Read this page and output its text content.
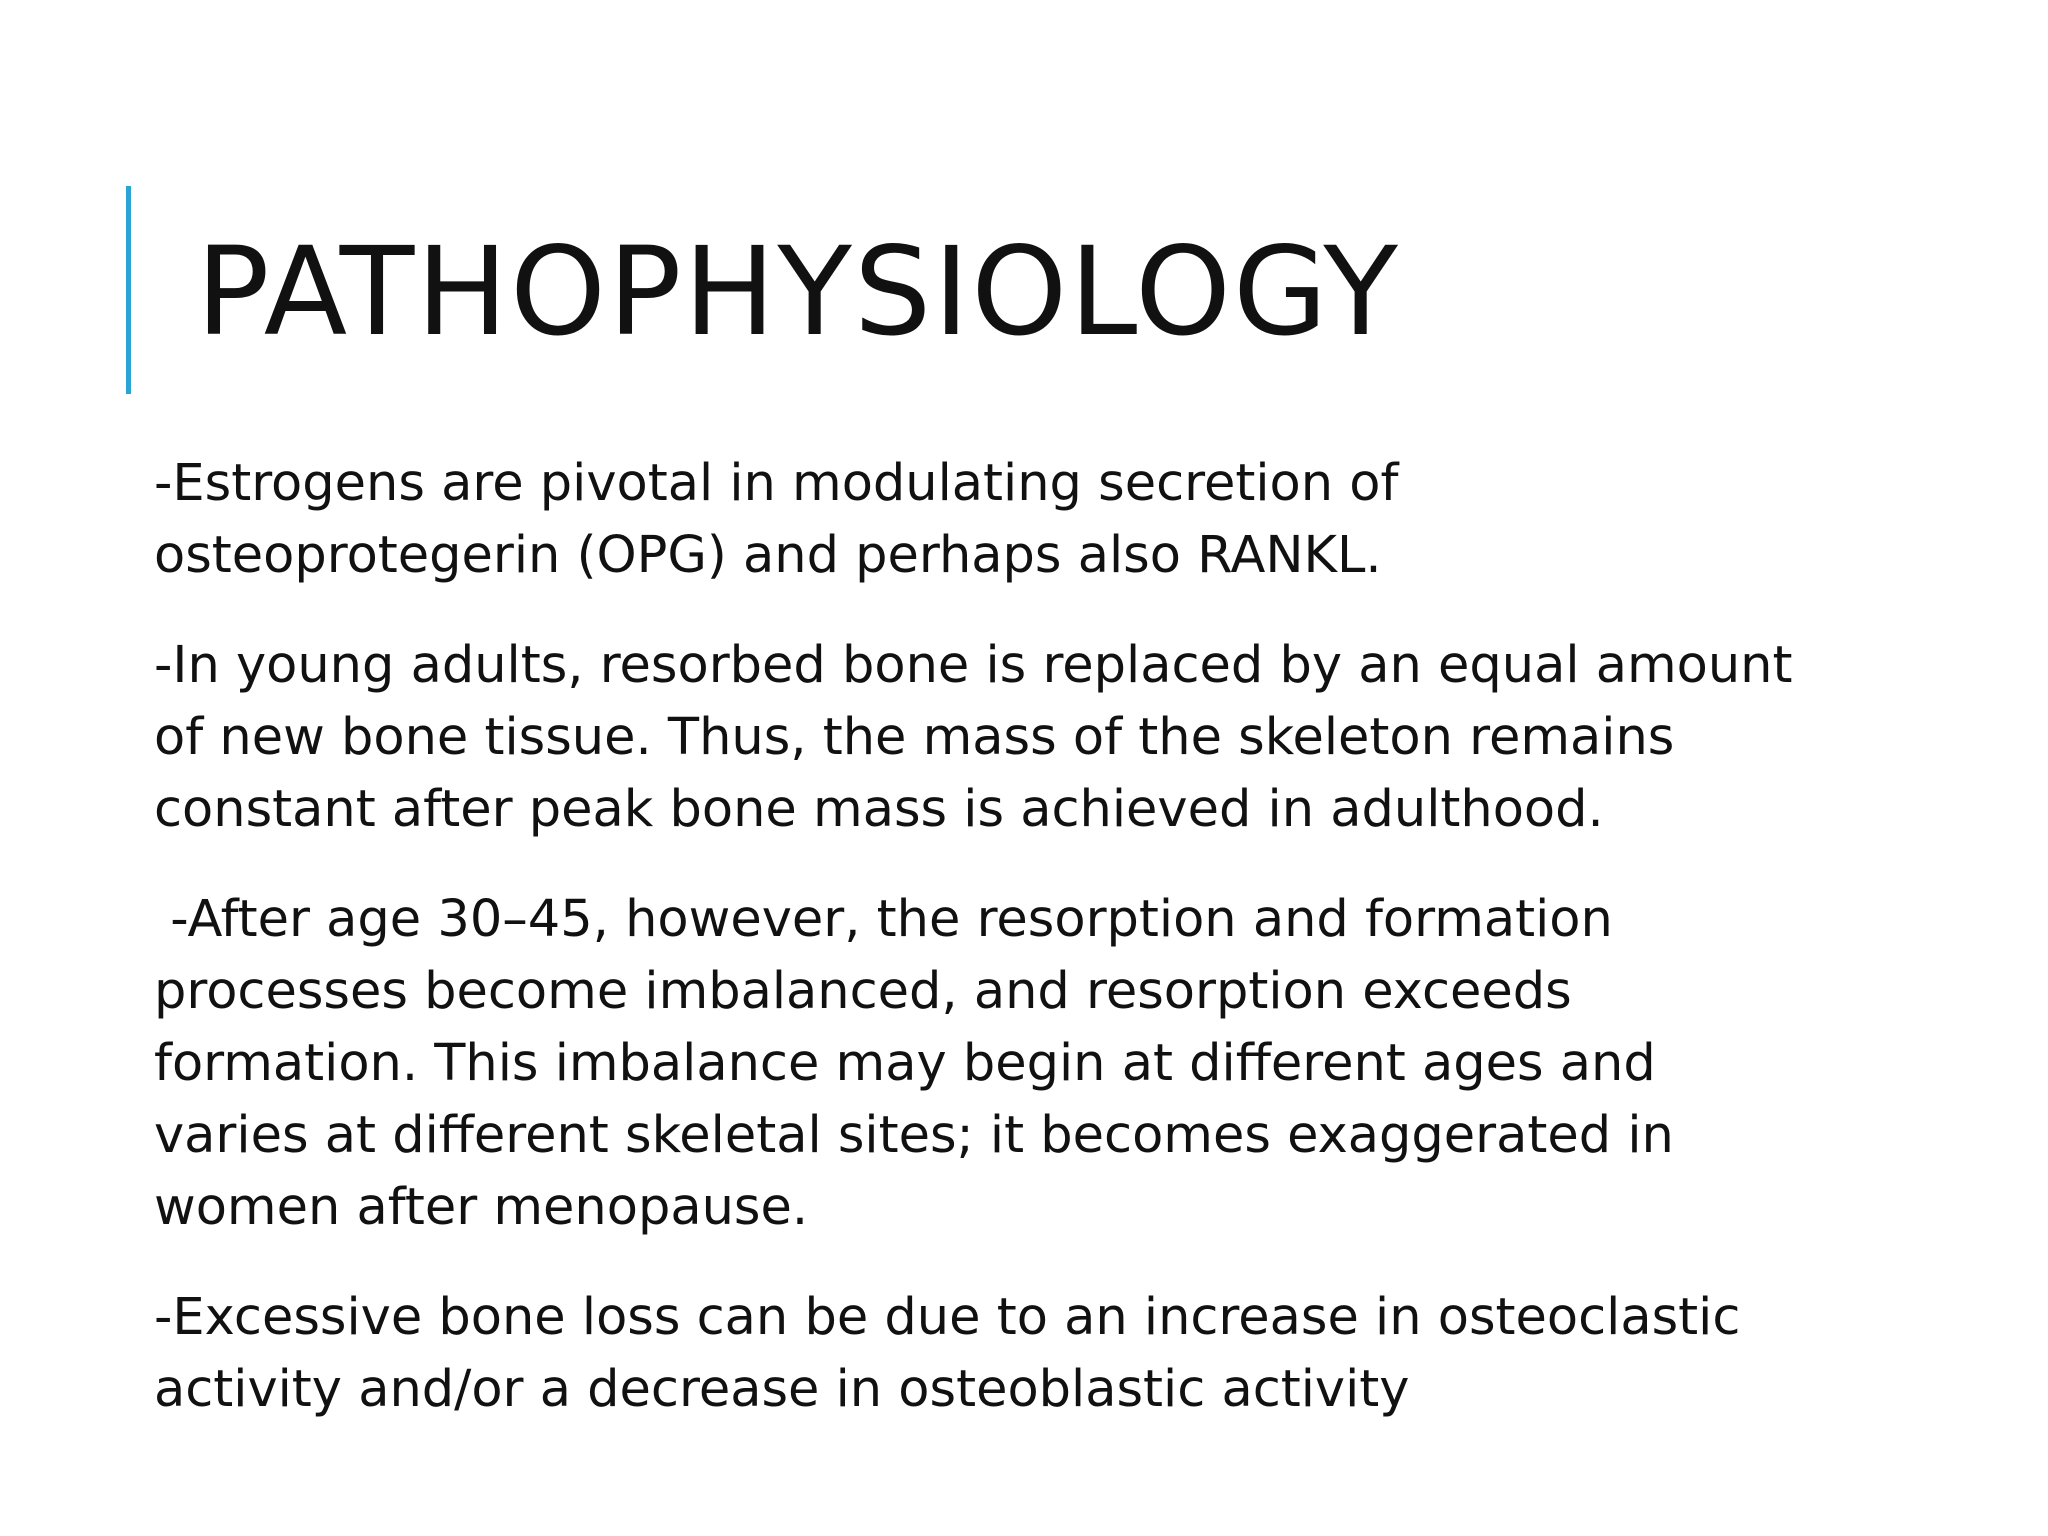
PATHOPHYSIOLOGY
-Estrogens are pivotal in modulating secretion of
osteoprotegerin (OPG) and perhaps also RANKL.
-In young adults, resorbed bone is replaced by an equal amount
of new bone tissue. Thus, the mass of the skeleton remains
constant after peak bone mass is achieved in adulthood.
-After age 30–45, however, the resorption and formation
processes become imbalanced, and resorption exceeds
formation. This imbalance may begin at different ages and
varies at different skeletal sites; it becomes exaggerated in
women after menopause.
-Excessive bone loss can be due to an increase in osteoclastic
activity and/or a decrease in osteoblastic activity
